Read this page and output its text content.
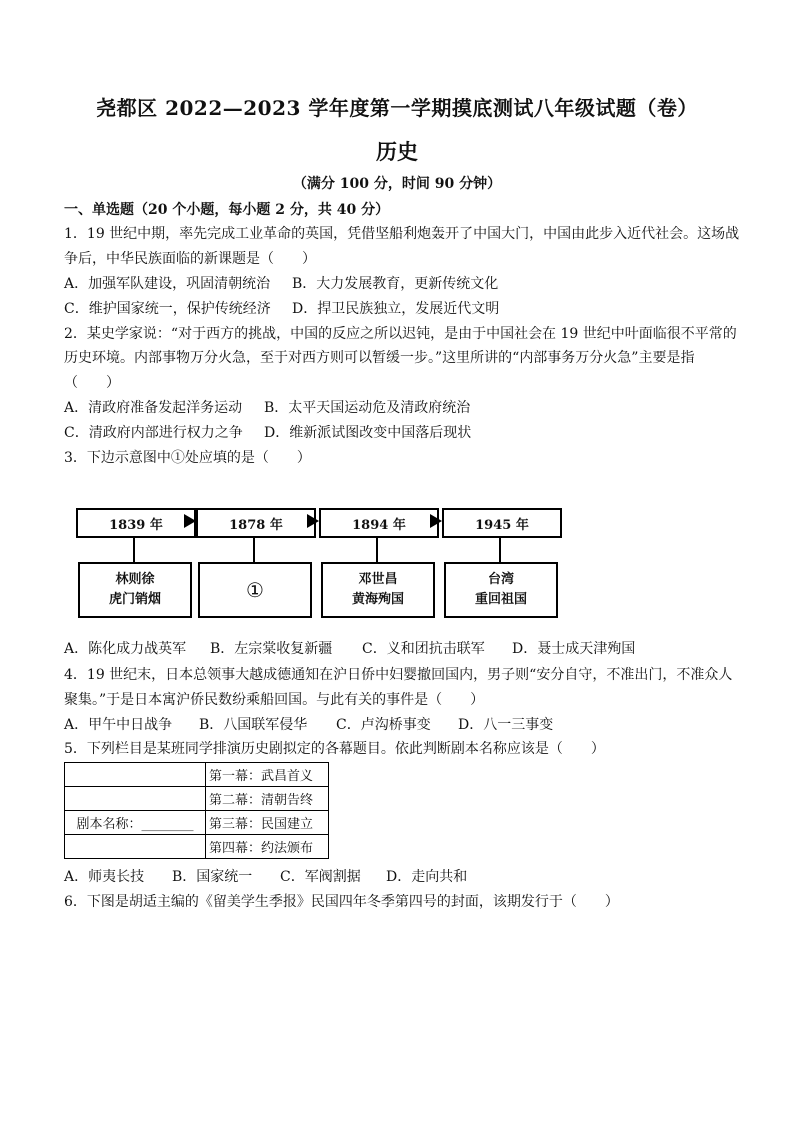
尧都区 2022—2023 学年度第一学期摸底测试八年级试题（卷）
历史
（满分 100 分，时间 90 分钟）
一、单选题（20 个小题，每小题 2 分，共 40 分）
1．19 世纪中期，率先完成工业革命的英国，凭借坚船利炮轰开了中国大门，中国由此步入近代社会。这场战
争后，中华民族面临的新课题是（　　）
A．加强军队建设，巩固清朝统治 B．大力发展教育，更新传统文化
C．维护国家统一，保护传统经济 D．捍卫民族独立，发展近代文明
2．某史学家说：“对于西方的挑战，中国的反应之所以迟钝，是由于中国社会在 19 世纪中叶面临很不平常的
历史环境。内部事物万分火急，至于对西方则可以暂缓一步。”这里所讲的“内部事务万分火急”主要是指
（　　）
A．清政府准备发起洋务运动 B．太平天国运动危及清政府统治
C．清政府内部进行权力之争 D．维新派试图改变中国落后现状
3．下边示意图中①处应填的是（　　）
1839 年	1878 年	1894 年	1945 年
林则徐
虎门销烟	①	邓世昌
黄海殉国
台湾
重回祖国
A．陈化成力战英军 B．左宗棠收复新疆 C．义和团抗击联军 D．聂士成天津殉国
4．19 世纪末，日本总领事大越成德通知在沪日侨中妇婴撤回国内，男子则“安分自守，不准出门，不准众人
聚集。”于是日本寓沪侨民数纷乘船回国。与此有关的事件是（　　）
A．甲午中日战争 B．八国联军侵华 C．卢沟桥事变 D．八一三事变
5．下列栏目是某班同学排演历史剧拟定的各幕题目。依此判断剧本名称应该是（　　）
	第一幕：武昌首义
	第二幕：清朝告终
剧本名称：________	第三幕：民国建立
	第四幕：约法颁布
A．师夷长技 B．国家统一 C．军阀割据 D．走向共和
6．下图是胡适主编的《留美学生季报》民国四年冬季第四号的封面，该期发行于（　　）
